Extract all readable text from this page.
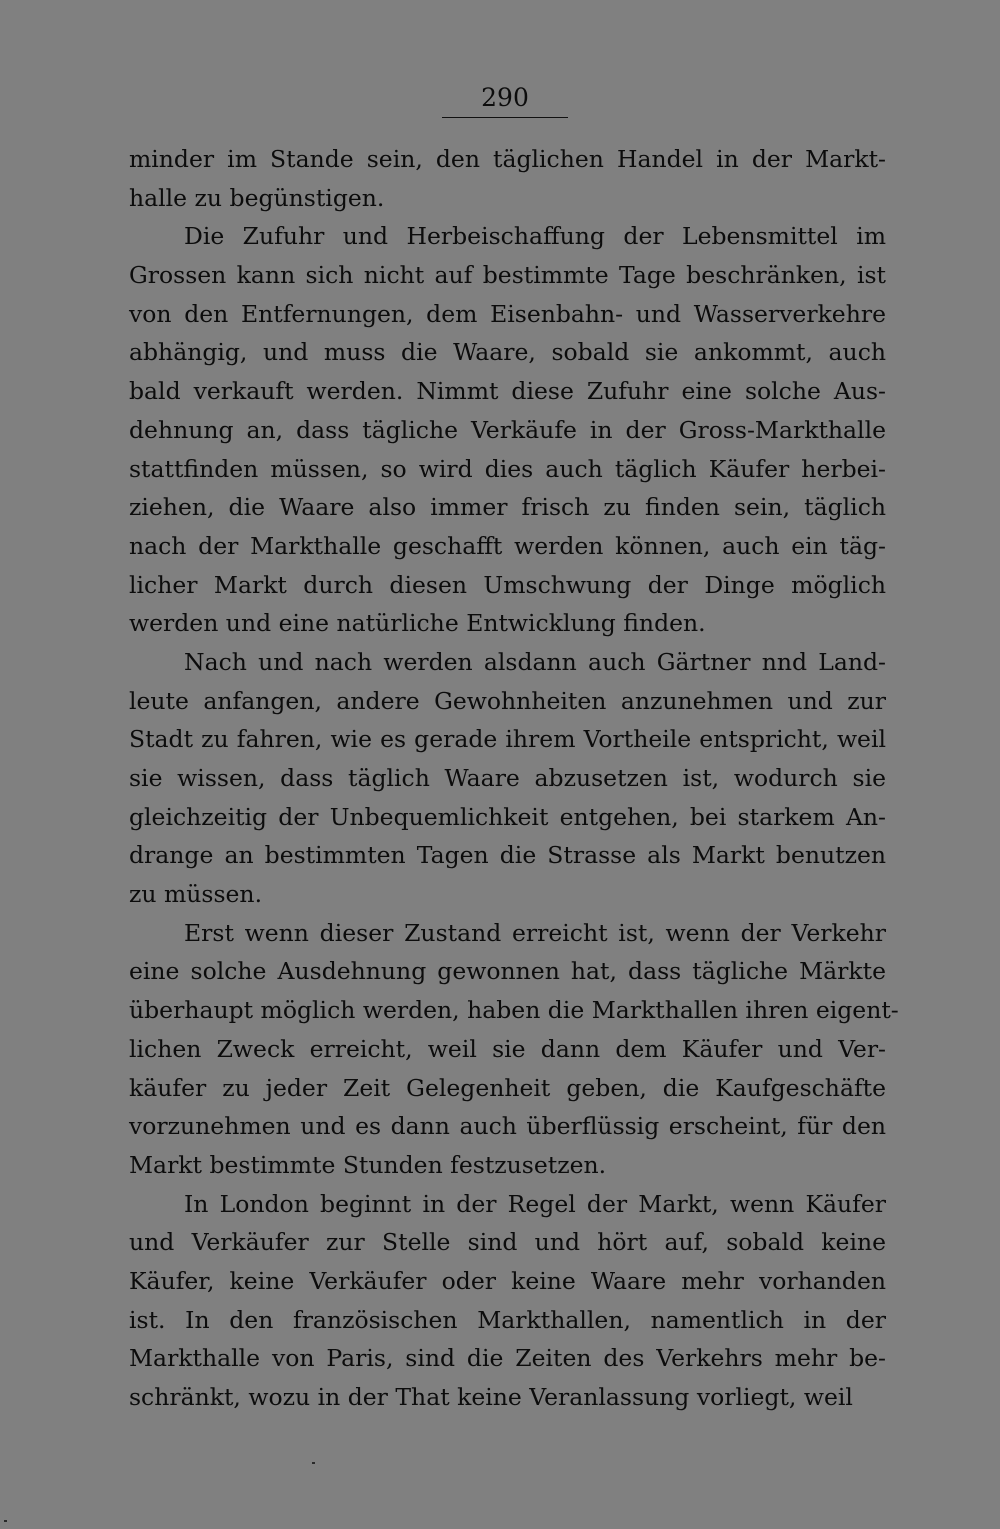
290
minder im Stande sein, den täglichen Handel in der Markt-
halle zu begünstigen.
Die Zufuhr und Herbeischaffung der Lebensmittel im
Grossen kann sich nicht auf bestimmte Tage beschränken, ist
von den Entfernungen, dem Eisenbahn- und Wasserverkehre
abhängig, und muss die Waare, sobald sie ankommt, auch
bald verkauft werden. Nimmt diese Zufuhr eine solche Aus-
dehnung an, dass tägliche Verkäufe in der Gross-Markthalle
stattfinden müssen, so wird dies auch täglich Käufer herbei-
ziehen, die Waare also immer frisch zu finden sein, täglich
nach der Markthalle geschafft werden können, auch ein täg-
licher Markt durch diesen Umschwung der Dinge möglich
werden und eine natürliche Entwicklung finden.
Nach und nach werden alsdann auch Gärtner nnd Land-
leute anfangen, andere Gewohnheiten anzunehmen und zur
Stadt zu fahren, wie es gerade ihrem Vortheile entspricht, weil
sie wissen, dass täglich Waare abzusetzen ist, wodurch sie
gleichzeitig der Unbequemlichkeit entgehen, bei starkem An-
drange an bestimmten Tagen die Strasse als Markt benutzen
zu müssen.
Erst wenn dieser Zustand erreicht ist, wenn der Verkehr
eine solche Ausdehnung gewonnen hat, dass tägliche Märkte
überhaupt möglich werden, haben die Markthallen ihren eigent-
lichen Zweck erreicht, weil sie dann dem Käufer und Ver-
käufer zu jeder Zeit Gelegenheit geben, die Kaufgeschäfte
vorzunehmen und es dann auch überflüssig erscheint, für den
Markt bestimmte Stunden festzusetzen.
In London beginnt in der Regel der Markt, wenn Käufer
und Verkäufer zur Stelle sind und hört auf, sobald keine
Käufer, keine Verkäufer oder keine Waare mehr vorhanden
ist. In den französischen Markthallen, namentlich in der
Markthalle von Paris, sind die Zeiten des Verkehrs mehr be-
schränkt, wozu in der That keine Veranlassung vorliegt, weil
